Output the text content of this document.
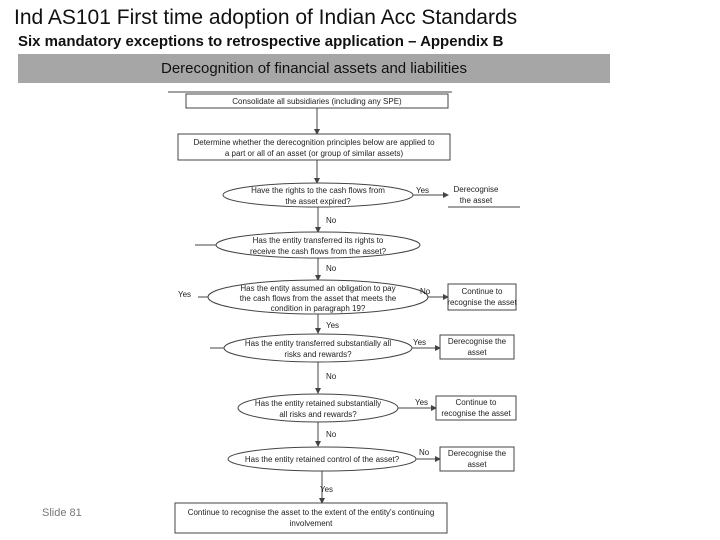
Ind AS101 First time adoption of Indian Acc Standards
Six mandatory exceptions to retrospective application – Appendix B
Derecognition of financial assets and liabilities
Consolidate all subsidiaries (including any SPE)
Determine whether the derecognition principles below are applied to
a part or all of an asset (or group of similar assets)
Have the rights to the cash flows from
the asset expired?
Yes	Derecognise
the asset
No
Has the entity transferred its rights to
receive the cash flows from the asset?
No
Has the entity assumed an obligation to pay
the cash flows from the asset that meets the
condition in paragraph 19?
Yes	No	Continue to
recognise the asset
Yes
Has the entity transferred substantially all
risks and rewards?
Yes	Derecognise the
asset
No
Has the entity retained substantially
all risks and rewards?
Yes	Continue to
recognise the asset
No
Has the entity retained control of the asset?
No Derecognise the
asset
Yes
Continue to recognise the asset to the extent of the entity's continuing
involvement
Slide 81
